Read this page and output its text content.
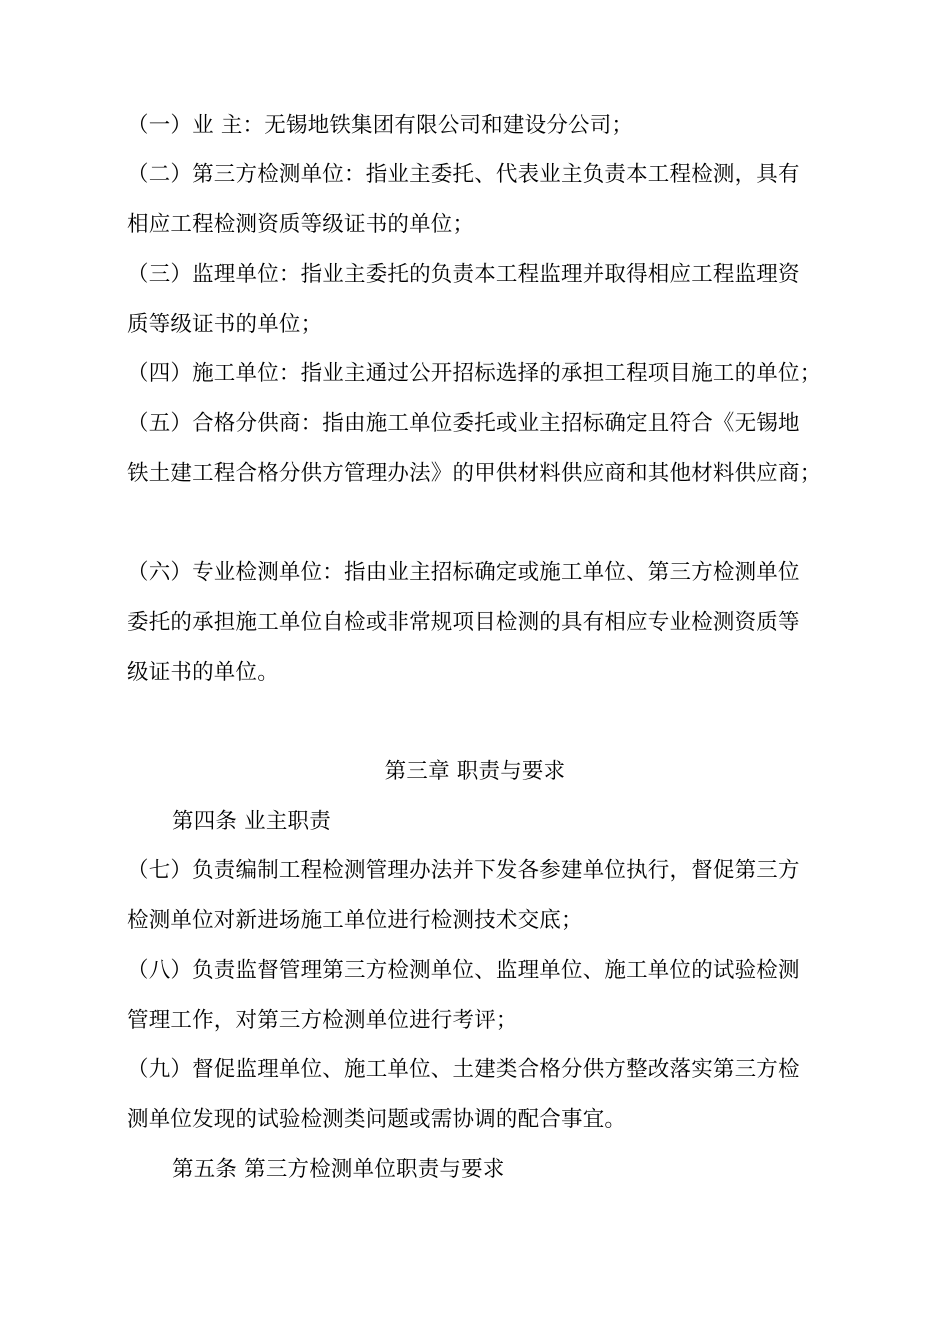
（一）业 主：无锡地铁集团有限公司和建设分公司；
（二）第三方检测单位：指业主委托、代表业主负责本工程检测，具有
相应工程检测资质等级证书的单位；
（三）监理单位：指业主委托的负责本工程监理并取得相应工程监理资
质等级证书的单位；
（四）施工单位：指业主通过公开招标选择的承担工程项目施工的单位；
（五）合格分供商：指由施工单位委托或业主招标确定且符合《无锡地
铁土建工程合格分供方管理办法》的甲供材料供应商和其他材料供应商；
（六）专业检测单位：指由业主招标确定或施工单位、第三方检测单位
委托的承担施工单位自检或非常规项目检测的具有相应专业检测资质等
级证书的单位。
第三章 职责与要求
第四条 业主职责
（七）负责编制工程检测管理办法并下发各参建单位执行，督促第三方
检测单位对新进场施工单位进行检测技术交底；
（八）负责监督管理第三方检测单位、监理单位、施工单位的试验检测
管理工作，对第三方检测单位进行考评；
（九）督促监理单位、施工单位、土建类合格分供方整改落实第三方检
测单位发现的试验检测类问题或需协调的配合事宜。
第五条 第三方检测单位职责与要求
